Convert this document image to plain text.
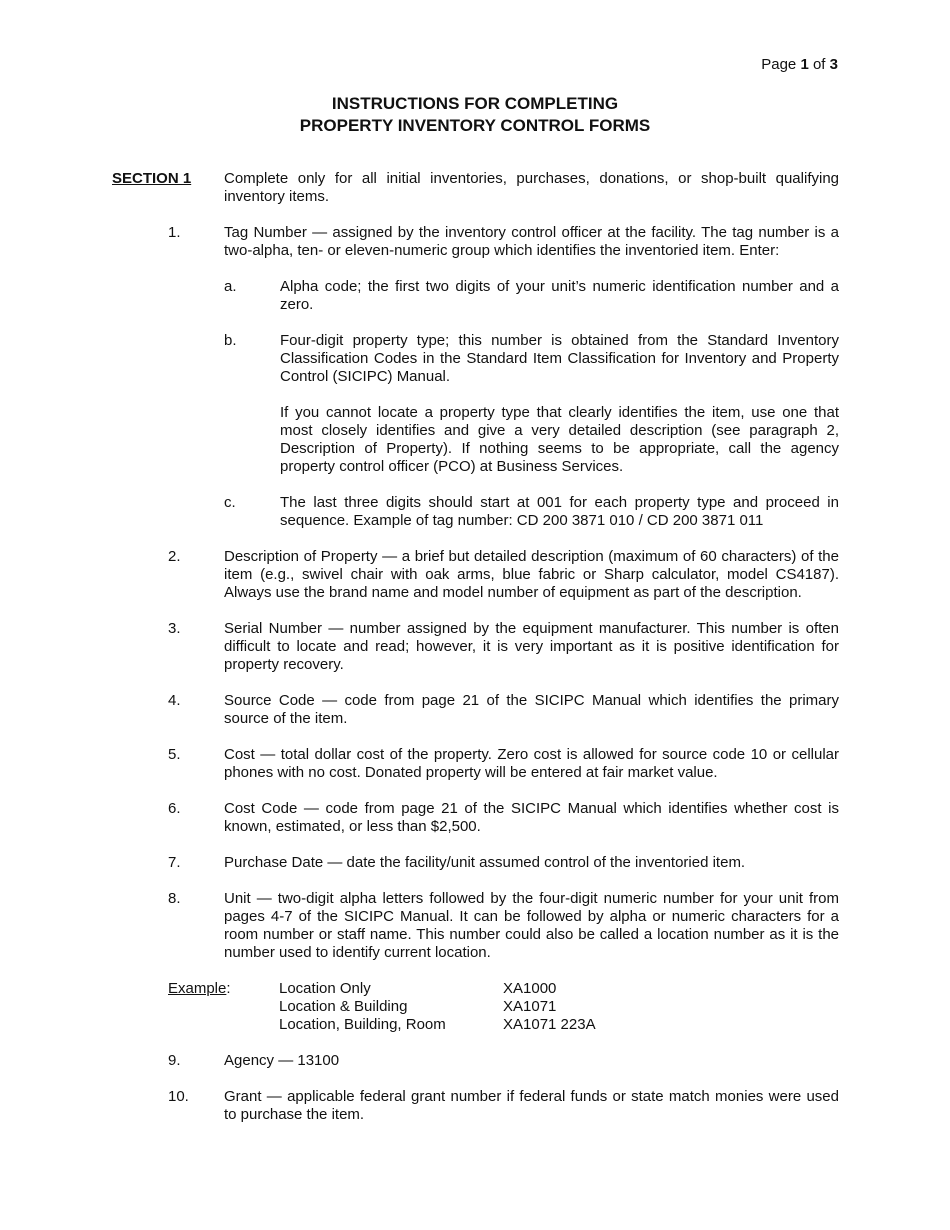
Page 1 of 3
INSTRUCTIONS FOR COMPLETING
PROPERTY INVENTORY CONTROL FORMS
SECTION 1	Complete only for all initial inventories, purchases, donations, or shop-built qualifying inventory items.
1.	Tag Number — assigned by the inventory control officer at the facility. The tag number is a two-alpha, ten- or eleven-numeric group which identifies the inventoried item. Enter:
a.	Alpha code; the first two digits of your unit’s numeric identification number and a zero.
b.	Four-digit property type; this number is obtained from the Standard Inventory Classification Codes in the Standard Item Classification for Inventory and Property Control (SICIPC) Manual.
If you cannot locate a property type that clearly identifies the item, use one that most closely identifies and give a very detailed description (see paragraph 2, Description of Property). If nothing seems to be appropriate, call the agency property control officer (PCO) at Business Services.
c.	The last three digits should start at 001 for each property type and proceed in sequence. Example of tag number: CD 200 3871 010 / CD 200 3871 011
2.	Description of Property — a brief but detailed description (maximum of 60 characters) of the item (e.g., swivel chair with oak arms, blue fabric or Sharp calculator, model CS4187). Always use the brand name and model number of equipment as part of the description.
3.	Serial Number — number assigned by the equipment manufacturer. This number is often difficult to locate and read; however, it is very important as it is positive identification for property recovery.
4.	Source Code — code from page 21 of the SICIPC Manual which identifies the primary source of the item.
5.	Cost — total dollar cost of the property. Zero cost is allowed for source code 10 or cellular phones with no cost. Donated property will be entered at fair market value.
6.	Cost Code — code from page 21 of the SICIPC Manual which identifies whether cost is known, estimated, or less than $2,500.
7.	Purchase Date — date the facility/unit assumed control of the inventoried item.
8.	Unit — two-digit alpha letters followed by the four-digit numeric number for your unit from pages 4-7 of the SICIPC Manual. It can be followed by alpha or numeric characters for a room number or staff name. This number could also be called a location number as it is the number used to identify current location.
Example:	Location Only	XA1000
Location & Building	XA1071
Location, Building, Room	XA1071 223A
9.	Agency — 13100
10.	Grant — applicable federal grant number if federal funds or state match monies were used to purchase the item.
